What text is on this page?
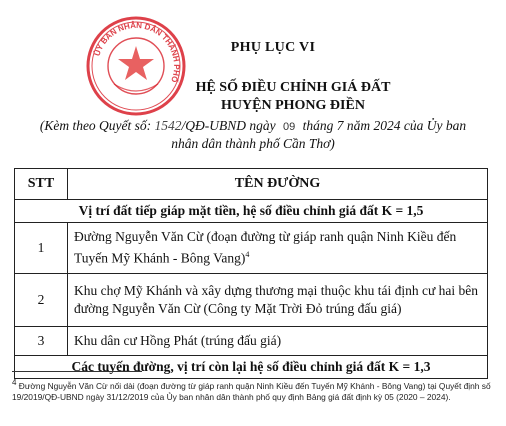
ỦY BAN NHÂN DÂN THÀNH PHỐ
PHỤ LỤC VI
HỆ SỐ ĐIỀU CHỈNH GIÁ ĐẤT
HUYỆN PHONG ĐIỀN
(Kèm theo Quyết số: 1542/QĐ-UBND ngày 09 tháng 7 năm 2024 của Ủy ban
nhân dân thành phố Cần Thơ)
STT	TÊN ĐƯỜNG
Vị trí đất tiếp giáp mặt tiền, hệ số điều chỉnh giá đất K = 1,5	
1	Đường Nguyễn Văn Cừ (đoạn đường từ giáp ranh quận Ninh Kiều đến Tuyến Mỹ Khánh - Bông Vang)$^4$
2	Khu chợ Mỹ Khánh và xây dựng thương mại thuộc khu tái định cư hai bên đường Nguyễn Văn Cừ (Công ty Mặt Trời Đỏ trúng đấu giá)
3	Khu dân cư Hồng Phát (trúng đấu giá)
Các tuyến đường, vị trí còn lại hệ số điều chỉnh giá đất K = 1,3	
$^4$ Đường Nguyễn Văn Cừ nối dài (đoạn đường từ giáp ranh quận Ninh Kiều đến Tuyến Mỹ Khánh - Bông Vang) tại Quyết định số 19/2019/QĐ-UBND ngày 31/12/2019 của Ủy ban nhân dân thành phố quy định Bảng giá đất định kỳ 05 (2020 – 2024).
